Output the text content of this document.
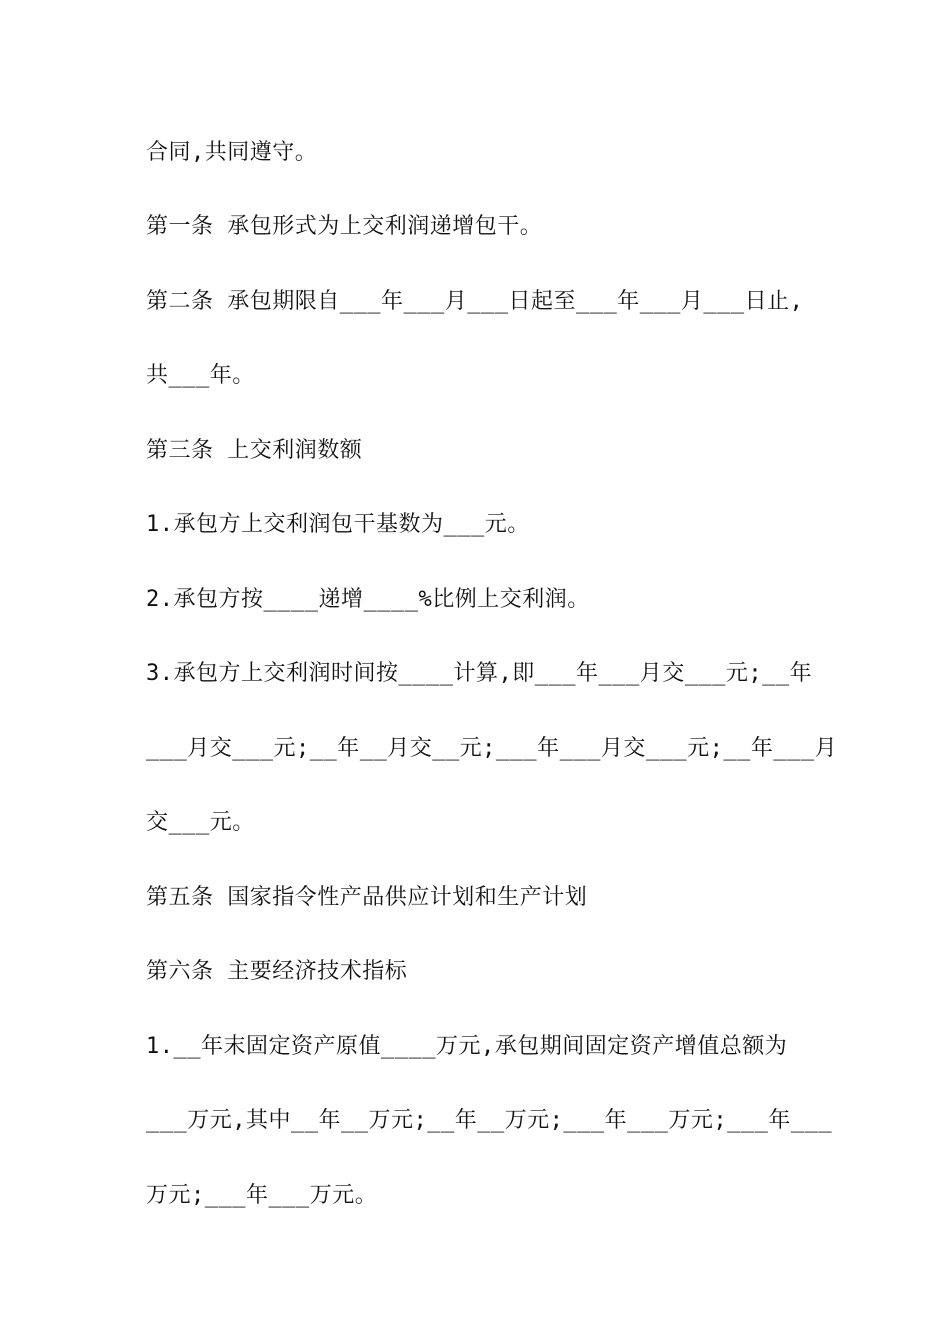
合同,共同遵守。
第一条 承包形式为上交利润递增包干。
第二条 承包期限自___年___月___日起至___年___月___日止,
共___年。
第三条 上交利润数额
1.承包方上交利润包干基数为___元。
2.承包方按____递增____%比例上交利润。
3.承包方上交利润时间按____计算,即___年___月交___元;__年
___月交___元;__年__月交__元;___年___月交___元;__年___月
交___元。
第五条 国家指令性产品供应计划和生产计划
第六条 主要经济技术指标
1.__年末固定资产原值____万元,承包期间固定资产增值总额为
___万元,其中__年__万元;__年__万元;___年___万元;___年___
万元;___年___万元。
